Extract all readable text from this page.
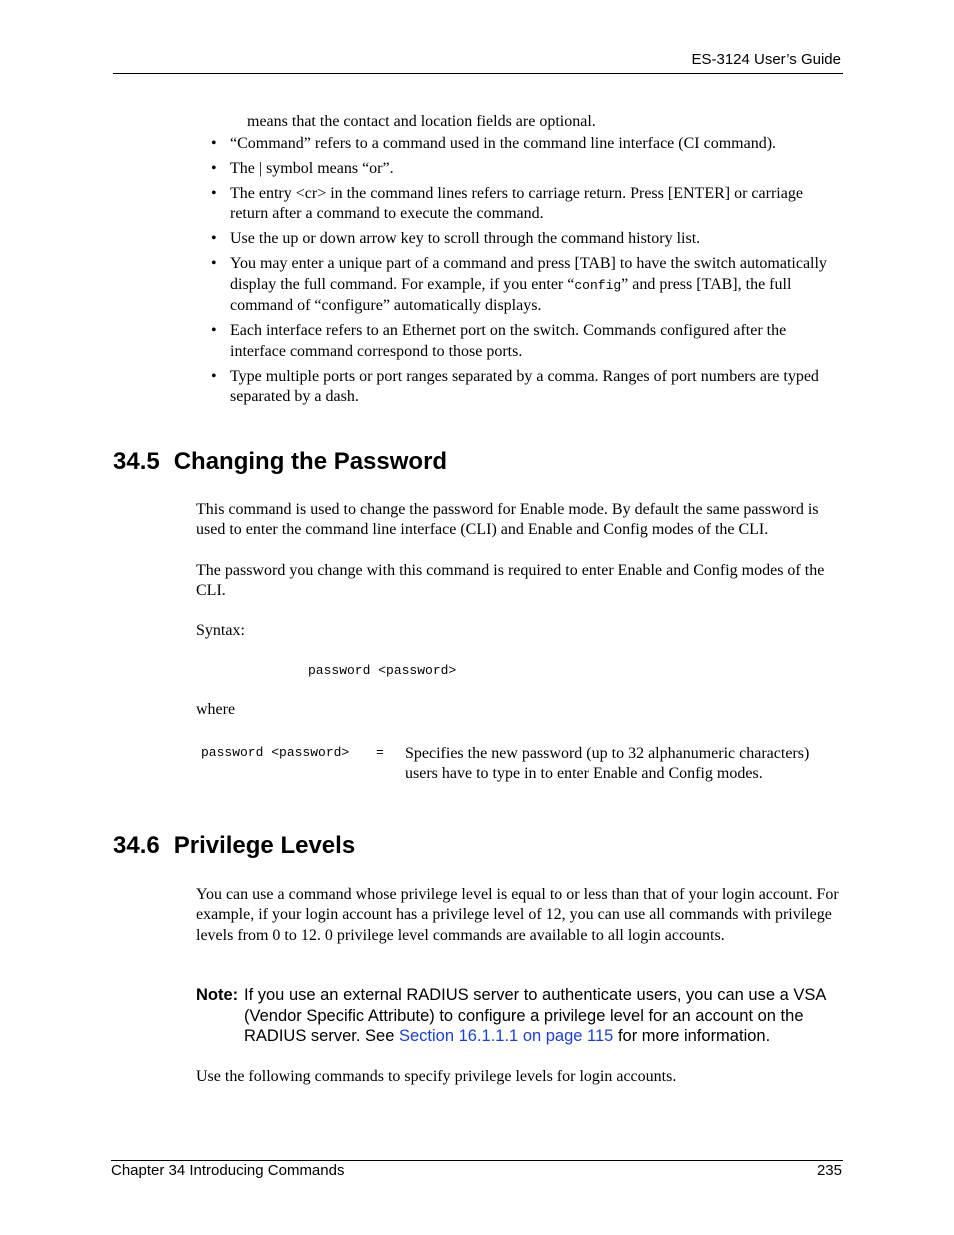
ES-3124 User’s Guide
means that the contact and location fields are optional.
• “Command” refers to a command used in the command line interface (CI command).
• The | symbol means “or”.
• The entry <cr> in the command lines refers to carriage return. Press [ENTER] or carriage return after a command to execute the command.
• Use the up or down arrow key to scroll through the command history list.
• You may enter a unique part of a command and press [TAB] to have the switch automatically display the full command. For example, if you enter “config” and press [TAB], the full command of “configure” automatically displays.
• Each interface refers to an Ethernet port on the switch. Commands configured after the interface command correspond to those ports.
• Type multiple ports or port ranges separated by a comma. Ranges of port numbers are typed separated by a dash.
34.5 Changing the Password

This command is used to change the password for Enable mode. By default the same password is used to enter the command line interface (CLI) and Enable and Config modes of the CLI.

The password you change with this command is required to enter Enable and Config modes of the CLI.

Syntax:

password <password>

where

password <password> = Specifies the new password (up to 32 alphanumeric characters) users have to type in to enter Enable and Config modes.
34.6 Privilege Levels

You can use a command whose privilege level is equal to or less than that of your login account. For example, if your login account has a privilege level of 12, you can use all commands with privilege levels from 0 to 12. 0 privilege level commands are available to all login accounts.

Note: If you use an external RADIUS server to authenticate users, you can use a VSA (Vendor Specific Attribute) to configure a privilege level for an account on the RADIUS server. See Section 16.1.1.1 on page 115 for more information.

Use the following commands to specify privilege levels for login accounts.

Chapter 34 Introducing Commands	235
